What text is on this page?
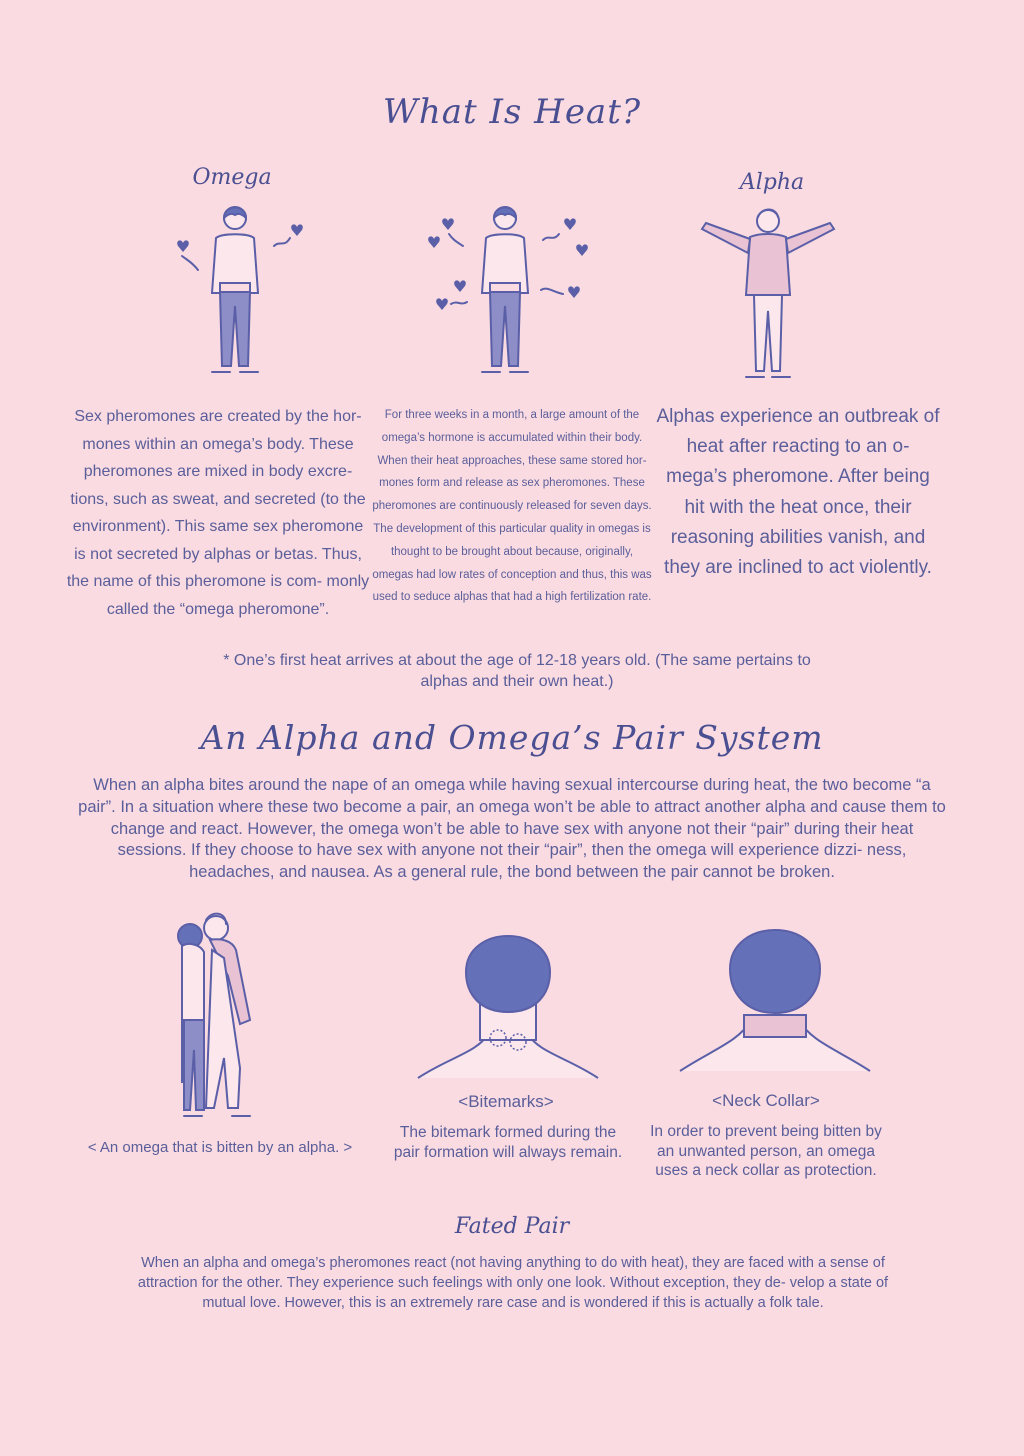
What Is Heat?
Omega	Alpha
Sex pheromones are created by the hor- mones within an omega’s body. These pheromones are mixed in body excre- tions, such as sweat, and secreted (to the environment). This same sex pheromone is not secreted by alphas or betas. Thus, the name of this pheromone is com- monly called the “omega pheromone”.
For three weeks in a month, a large amount of the omega’s hormone is accumulated within their body. When their heat approaches, these same stored hor- mones form and release as sex pheromones. These pheromones are continuously released for seven days. The development of this particular quality in omegas is thought to be brought about because, originally, omegas had low rates of conception and thus, this was used to seduce alphas that had a high fertilization rate.
Alphas experience an outbreak of heat after reacting to an o- mega’s pheromone. After being hit with the heat once, their reasoning abilities vanish, and they are inclined to act violently.
* One’s first heat arrives at about the age of 12-18 years old. (The same pertains to alphas and their own heat.)
An Alpha and Omega’s Pair System
When an alpha bites around the nape of an omega while having sexual intercourse during heat, the two become “a pair”. In a situation where these two become a pair, an omega won’t be able to attract another alpha and cause them to change and react. However, the omega won’t be able to have sex with anyone not their “pair” during their heat sessions. If they choose to have sex with anyone not their “pair”, then the omega will experience dizzi- ness, headaches, and nausea. As a general rule, the bond between the pair cannot be broken.
< An omega that is bitten by an alpha. >
<Bitemarks>
The bitemark formed during the pair formation will always remain.
<Neck Collar>
In order to prevent being bitten by an unwanted person, an omega uses a neck collar as protection.
Fated Pair
When an alpha and omega’s pheromones react (not having anything to do with heat), they are faced with a sense of attraction for the other. They experience such feelings with only one look. Without exception, they de- velop a state of mutual love. However, this is an extremely rare case and is wondered if this is actually a folk tale.
